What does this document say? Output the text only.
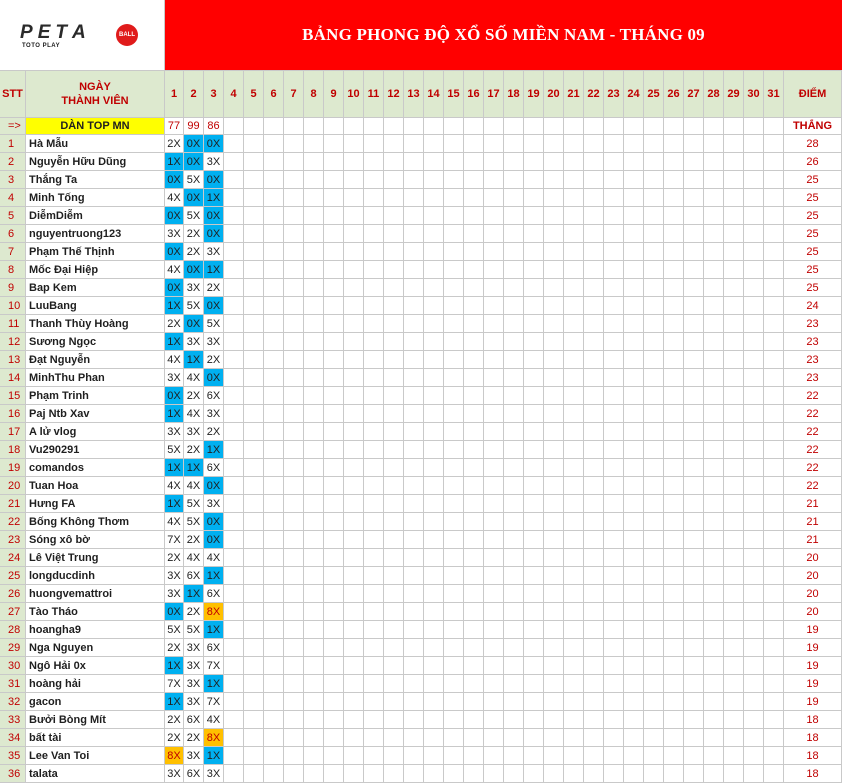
P E T A	BALL
TOTO PLAY
BẢNG PHONG ĐỘ XỔ SỐ MIỀN NAM - THÁNG 09
STT
NGÀY
THÀNH VIÊN
1	2	3	4	5	6	7	8	9 10 11 12 13 14 15 16 17 18 19 20 21 22 23 24 25 26 27 28 29 30 31	ĐIỂM
=>	DÀN TOP MN	77 99 86	THẮNG
1	Hà Mẫu	2X 0X 0X	28
2	Nguyễn Hữu Dũng	1X 0X 3X	26
3	Thắng Ta	0X 5X 0X	25
4	Minh Tống	4X 0X 1X	25
5	DiễmDiễm	0X 5X 0X	25
6	nguyentruong123	3X 2X 0X	25
7	Phạm Thế Thịnh	0X 2X 3X	25
8	Mốc Đại Hiệp	4X 0X 1X	25
9	Bap Kem	0X 3X 2X	25
10 LuuBang	1X 5X 0X	24
11 Thanh Thùy Hoàng	2X 0X 5X	23
12 Sương Ngọc	1X 3X 3X	23
13 Đạt Nguyễn	4X 1X 2X	23
14 MinhThu Phan	3X 4X 0X	23
15 Phạm Trinh	0X 2X 6X	22
16 Paj Ntb Xav	1X 4X 3X	22
17 A lử vlog	3X 3X 2X	22
18 Vu290291	5X 2X 1X	22
19 comandos	1X 1X 6X	22
20 Tuan Hoa	4X 4X 0X	22
21 Hưng FA	1X 5X 3X	21
22 Bống Không Thơm	4X 5X 0X	21
23 Sóng xô bờ	7X 2X 0X	21
24 Lê Việt Trung	2X 4X 4X	20
25 longducdinh	3X 6X 1X	20
26 huongvemattroi	3X 1X 6X	20
27 Tào Tháo	0X 2X 8X	20
28 hoangha9	5X 5X 1X	19
29 Nga Nguyen	2X 3X 6X	19
30 Ngô Hải 0x	1X 3X 7X	19
31 hoàng hải	7X 3X 1X	19
32 gacon	1X 3X 7X	19
33 Bưởi Bòng Mít	2X 6X 4X	18
34 bất tài	2X 2X 8X	18
35 Lee Van Toi	8X 3X 1X	18
36 talata	3X 6X 3X	18
